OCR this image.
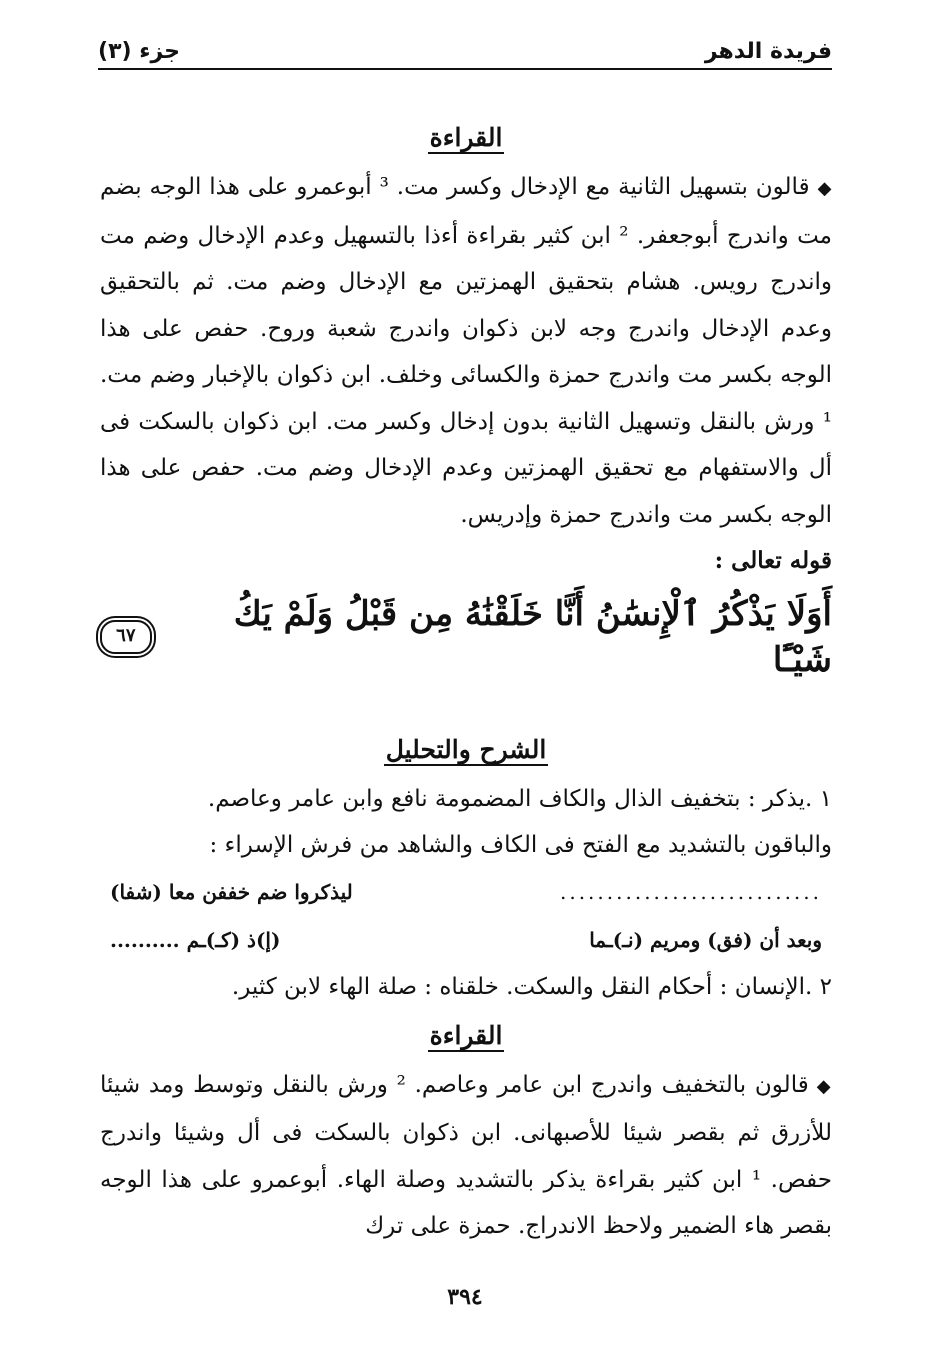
فريدة الدهر
جزء (٣)
القراءة
◆قالون بتسهيل الثانية مع الإدخال وكسر مت. ³ أبوعمرو على هذا الوجه بضم مت واندرج أبوجعفر. ² ابن كثير بقراءة أءذا بالتسهيل وعدم الإدخال وضم مت واندرج رويس. هشام بتحقيق الهمزتين مع الإدخال وضم مت. ثم بالتحقيق وعدم الإدخال واندرج وجه لابن ذكوان واندرج شعبة وروح. حفص على هذا الوجه بكسر مت واندرج حمزة والكسائى وخلف. ابن ذكوان بالإخبار وضم مت. ¹ ورش بالنقل وتسهيل الثانية بدون إدخال وكسر مت. ابن ذكوان بالسكت فى أل والاستفهام مع تحقيق الهمزتين وعدم الإدخال وضم مت. حفص على هذا الوجه بكسر مت واندرج حمزة وإدريس.
قوله تعالى :
أَوَلَا يَذْكُرُ ٱلْإِنسَٰنُ أَنَّا خَلَقْنَٰهُ مِن قَبْلُ وَلَمْ يَكُ شَيْـًٔا
٦٧
الشرح والتحليل
١ .يذكر : بتخفيف الذال والكاف المضمومة نافع وابن عامر وعاصم.
والباقون بالتشديد مع الفتح فى الكاف والشاهد من فرش الإسراء :
............................
ليذكروا ضم خففن معا (شفا)
وبعد أن (فق) ومريم (نـ)ـما
(إ)ذ (كـ)ـم ..........
٢ .الإنسان : أحكام النقل والسكت. خلقناه : صلة الهاء لابن كثير.
القراءة
◆قالون بالتخفيف واندرج ابن عامر وعاصم. ² ورش بالنقل وتوسط ومد شيئا للأزرق ثم بقصر شيئا للأصبهانى. ابن ذكوان بالسكت فى أل وشيئا واندرج حفص. ¹ ابن كثير بقراءة يذكر بالتشديد وصلة الهاء. أبوعمرو على هذا الوجه بقصر هاء الضمير ولاحظ الاندراج. حمزة على ترك
٣٩٤
